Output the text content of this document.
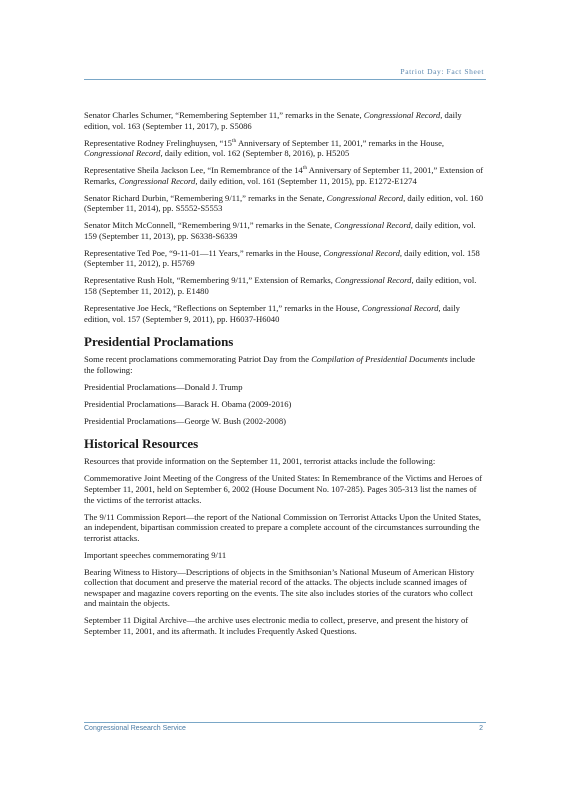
Patriot Day: Fact Sheet

Senator Charles Schumer, “Remembering September 11,” remarks in the Senate, Congressional Record, daily edition, vol. 163 (September 11, 2017), p. S5086

Representative Rodney Frelinghuysen, “15th Anniversary of September 11, 2001,” remarks in the House, Congressional Record, daily edition, vol. 162 (September 8, 2016), p. H5205

Representative Sheila Jackson Lee, “In Remembrance of the 14th Anniversary of September 11, 2001,” Extension of Remarks, Congressional Record, daily edition, vol. 161 (September 11, 2015), pp. E1272-E1274

Senator Richard Durbin, “Remembering 9/11,” remarks in the Senate, Congressional Record, daily edition, vol. 160 (September 11, 2014), pp. S5552-S5553

Senator Mitch McConnell, “Remembering 9/11,” remarks in the Senate, Congressional Record, daily edition, vol. 159 (September 11, 2013), pp. S6338-S6339

Representative Ted Poe, “9-11-01—11 Years,” remarks in the House, Congressional Record, daily edition, vol. 158 (September 11, 2012), p. H5769

Representative Rush Holt, “Remembering 9/11,” Extension of Remarks, Congressional Record, daily edition, vol. 158 (September 11, 2012), p. E1480

Representative Joe Heck, “Reflections on September 11,” remarks in the House, Congressional Record, daily edition, vol. 157 (September 9, 2011), pp. H6037-H6040

Presidential Proclamations

Some recent proclamations commemorating Patriot Day from the Compilation of Presidential Documents include the following:

Presidential Proclamations—Donald J. Trump

Presidential Proclamations—Barack H. Obama (2009-2016)

Presidential Proclamations—George W. Bush (2002-2008)

Historical Resources

Resources that provide information on the September 11, 2001, terrorist attacks include the following:

Commemorative Joint Meeting of the Congress of the United States: In Remembrance of the Victims and Heroes of September 11, 2001, held on September 6, 2002 (House Document No. 107-285). Pages 305-313 list the names of the victims of the terrorist attacks.

The 9/11 Commission Report—the report of the National Commission on Terrorist Attacks Upon the United States, an independent, bipartisan commission created to prepare a complete account of the circumstances surrounding the terrorist attacks.

Important speeches commemorating 9/11

Bearing Witness to History—Descriptions of objects in the Smithsonian’s National Museum of American History collection that document and preserve the material record of the attacks. The objects include scanned images of newspaper and magazine covers reporting on the events. The site also includes stories of the curators who collect and maintain the objects.

September 11 Digital Archive—the archive uses electronic media to collect, preserve, and present the history of September 11, 2001, and its aftermath. It includes Frequently Asked Questions.

Congressional Research Service	2
